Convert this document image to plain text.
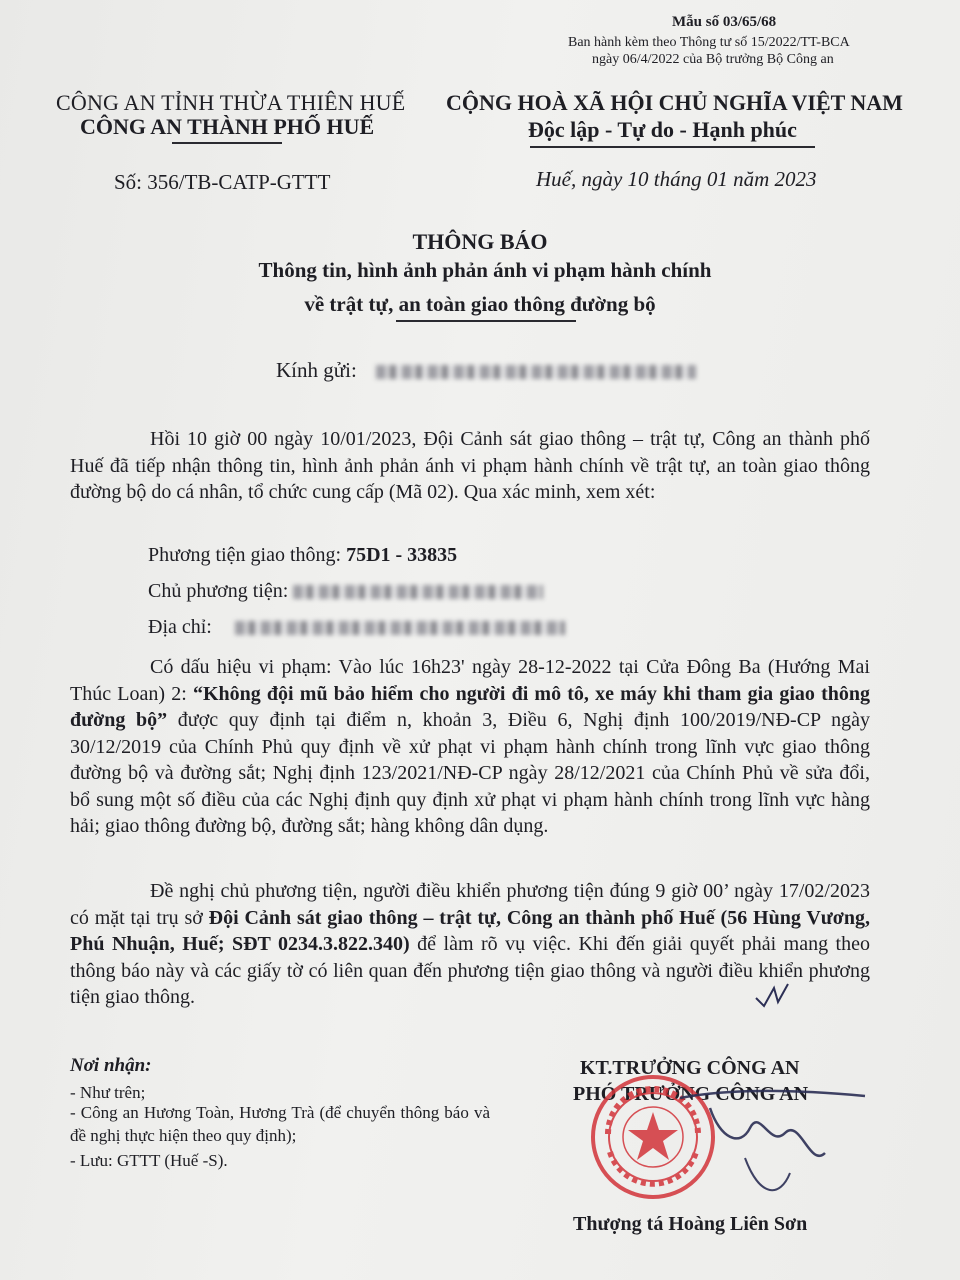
Mẫu số 03/65/68
Ban hành kèm theo Thông tư số 15/2022/TT-BCA
ngày 06/4/2022 của Bộ trưởng Bộ Công an
CÔNG AN TỈNH THỪA THIÊN HUẾ
CÔNG AN THÀNH PHỐ HUẾ
Số: 356/TB-CATP-GTTT
CỘNG HOÀ XÃ HỘI CHỦ NGHĨA VIỆT NAM
Độc lập - Tự do - Hạnh phúc
Huế, ngày 10 tháng 01 năm 2023
THÔNG BÁO
Thông tin, hình ảnh phản ánh vi phạm hành chính
về trật tự, an toàn giao thông đường bộ
Kính gửi:
Hồi 10 giờ 00 ngày 10/01/2023, Đội Cảnh sát giao thông – trật tự, Công an thành phố Huế đã tiếp nhận thông tin, hình ảnh phản ánh vi phạm hành chính về trật tự, an toàn giao thông đường bộ do cá nhân, tổ chức cung cấp (Mã 02). Qua xác minh, xem xét:
Phương tiện giao thông: 75D1 - 33835
Chủ phương tiện:
Địa chỉ:
Có dấu hiệu vi phạm: Vào lúc 16h23' ngày 28-12-2022 tại Cửa Đông Ba (Hướng Mai Thúc Loan) 2: “Không đội mũ bảo hiểm cho người đi mô tô, xe máy khi tham gia giao thông đường bộ” được quy định tại điểm n, khoản 3, Điều 6, Nghị định 100/2019/NĐ-CP ngày 30/12/2019 của Chính Phủ quy định về xử phạt vi phạm hành chính trong lĩnh vực giao thông đường bộ và đường sắt; Nghị định 123/2021/NĐ-CP ngày 28/12/2021 của Chính Phủ về sửa đổi, bổ sung một số điều của các Nghị định quy định xử phạt vi phạm hành chính trong lĩnh vực hàng hải; giao thông đường bộ, đường sắt; hàng không dân dụng.
Đề nghị chủ phương tiện, người điều khiển phương tiện đúng 9 giờ 00’ ngày 17/02/2023 có mặt tại trụ sở Đội Cảnh sát giao thông – trật tự, Công an thành phố Huế (56 Hùng Vương, Phú Nhuận, Huế; SĐT 0234.3.822.340) để làm rõ vụ việc. Khi đến giải quyết phải mang theo thông báo này và các giấy tờ có liên quan đến phương tiện giao thông và người điều khiển phương tiện giao thông.
Nơi nhận:
- Như trên;
- Công an Hương Toàn, Hương Trà (để chuyển thông báo và đề nghị thực hiện theo quy định);
- Lưu: GTTT (Huế -S).
KT.TRƯỞNG CÔNG AN
PHÓ TRƯỞNG CÔNG AN
Thượng tá Hoàng Liên Sơn
